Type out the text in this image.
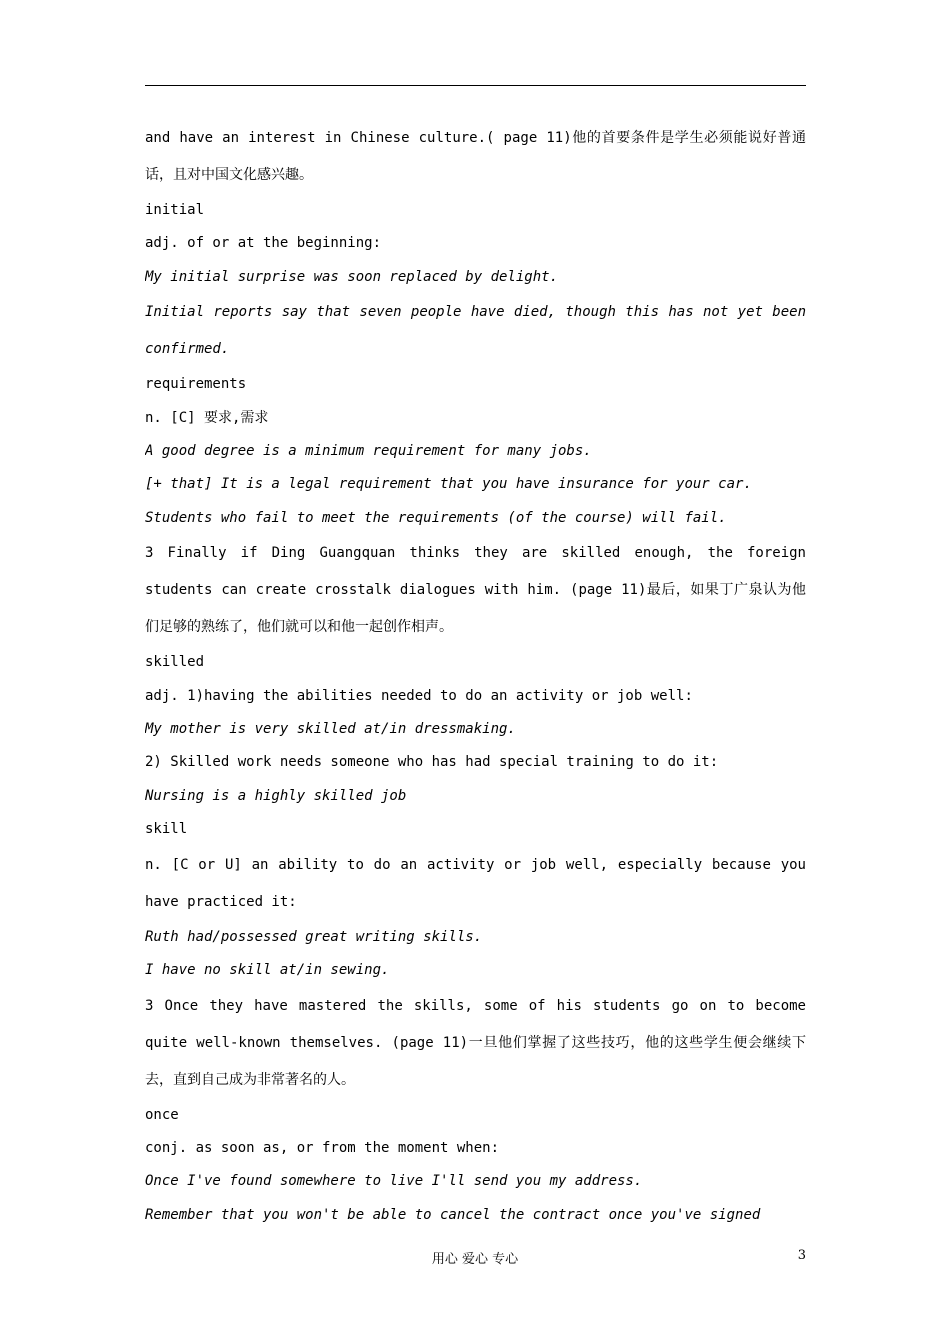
and have an interest in Chinese culture.( page 11)他的首要条件是学生必须能说好普通话，且对中国文化感兴趣。
initial
adj. of or at the beginning:
My initial surprise was soon replaced by delight.
Initial reports say that seven people have died, though this has not yet been confirmed.
requirements
n. [C] 要求,需求
A good degree is a minimum requirement for many jobs.
[+ that] It is a legal requirement that you have insurance for your car.
Students who fail to meet the requirements (of the course) will fail.
3 Finally if Ding Guangquan thinks they are skilled enough, the foreign students can create crosstalk dialogues with him. (page 11)最后，如果丁广泉认为他们足够的熟练了，他们就可以和他一起创作相声。
skilled
adj. 1)having the abilities needed to do an activity or job well:
My mother is very skilled at/in dressmaking.
2) Skilled work needs someone who has had special training to do it:
Nursing is a highly skilled job
skill
n. [C or U] an ability to do an activity or job well, especially because you have practiced it:
Ruth had/possessed great writing skills.
I have no skill at/in sewing.
3 Once they have mastered the skills, some of his students go on to become quite well-known themselves. (page 11)一旦他们掌握了这些技巧，他的这些学生便会继续下去，直到自己成为非常著名的人。
once
conj. as soon as, or from the moment when:
Once I've found somewhere to live I'll send you my address.
Remember that you won't be able to cancel the contract once you've signed
用心 爱心 专心	3
